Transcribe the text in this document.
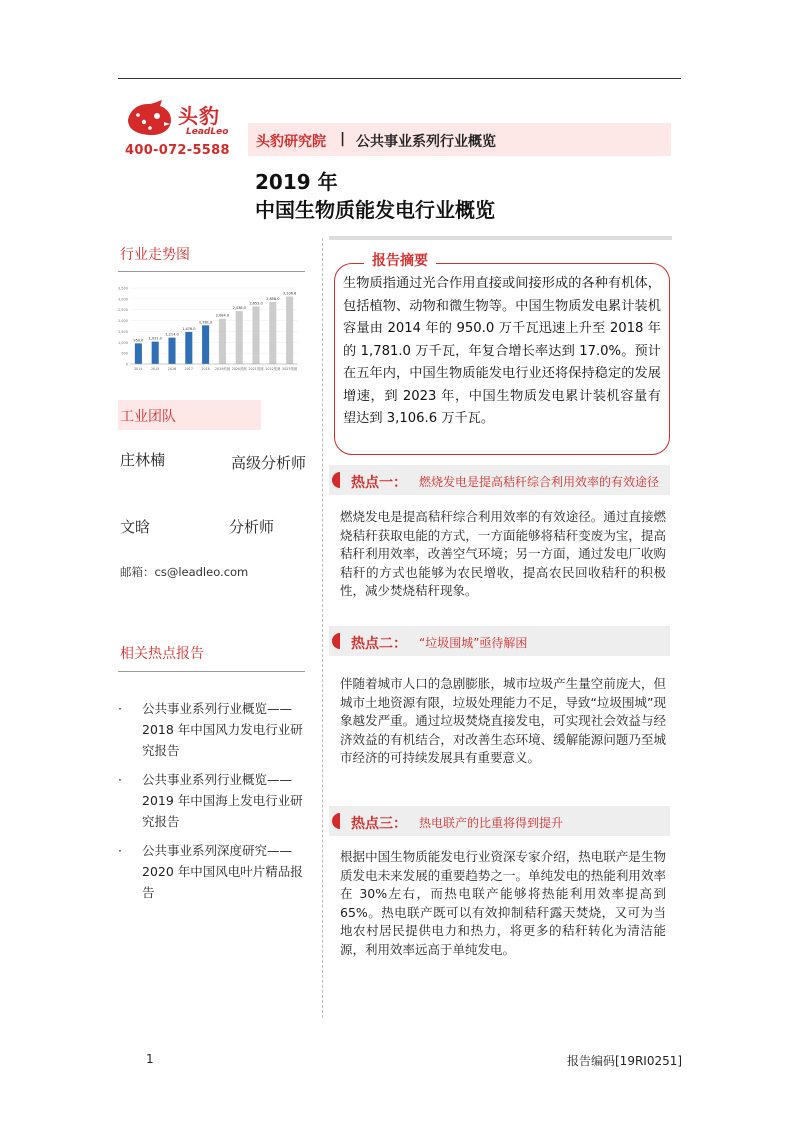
头豹
LeadLeo
400-072-5588
头豹研究院 | 公共事业系列行业概览
2019 年
中国生物质能发电行业概览
行业走势图
0
500
1,000
1,500
2,000
2,500
3,000
3,500
950.0
2014
1,031.0
2015
1,214.0
2016
1,476.0
2017
1,781.0
2018
2,084.0
2019预测
2,438.0
2020预测
2,653.0
2021预测
2,858.0
2022预测
3,106.6
2023预测
工业团队
庄林楠	高级分析师
文晗	分析师
邮箱：cs@leadleo.com
相关热点报告
· 公共事业系列行业概览——2018 年中国风力发电行业研究报告
· 公共事业系列行业概览——2019 年中国海上发电行业研究报告
· 公共事业系列深度研究——2020 年中国风电叶片精品报告
报告摘要
生物质指通过光合作用直接或间接形成的各种有机体，包括植物、动物和微生物等。中国生物质发电累计装机容量由 2014 年的 950.0 万千瓦迅速上升至 2018 年的 1,781.0 万千瓦，年复合增长率达到 17.0%。预计在五年内，中国生物质能发电行业还将保持稳定的发展增速，到 2023 年，中国生物质发电累计装机容量有望达到 3,106.6 万千瓦。
热点一： 燃烧发电是提高秸秆综合利用效率的有效途径
燃烧发电是提高秸秆综合利用效率的有效途径。通过直接燃烧秸秆获取电能的方式，一方面能够将秸秆变废为宝，提高秸秆利用效率，改善空气环境；另一方面，通过发电厂收购秸秆的方式也能够为农民增收，提高农民回收秸秆的积极性，减少焚烧秸秆现象。
热点二： “垃圾围城”亟待解困
伴随着城市人口的急剧膨胀，城市垃圾产生量空前庞大，但城市土地资源有限，垃圾处理能力不足，导致“垃圾围城”现象越发严重。通过垃圾焚烧直接发电，可实现社会效益与经济效益的有机结合，对改善生态环境、缓解能源问题乃至城市经济的可持续发展具有重要意义。
热点三： 热电联产的比重将得到提升
根据中国生物质能发电行业资深专家介绍，热电联产是生物质发电未来发展的重要趋势之一。单纯发电的热能利用效率在 30%左右，而热电联产能够将热能利用效率提高到 65%。热电联产既可以有效抑制秸秆露天焚烧，又可为当地农村居民提供电力和热力，将更多的秸秆转化为清洁能源，利用效率远高于单纯发电。
1	报告编码[19RI0251]
